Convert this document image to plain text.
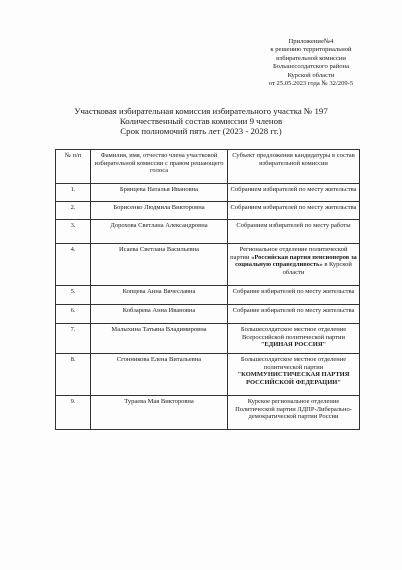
Приложение№4
к решению территориальной
избирательной комиссии
Большесолдатского района
Курской области
от 25.05.2023 года № 32/209-5
Участковая избирательная комиссия избирательного участка № 197
Количественный состав комиссии 9 членов
Срок полномочий пять лет (2023 - 2028 гг.)
№ п/п	Фамилия, имя, отчество члена участковой избирательной комиссии с правом решающего голоса	Субъект предложения кандидатуры в состав избирательной комиссии
1.	Брянцева Наталья Ивановна	Собранием избирателей по месту жительства
2.	Борисенко Людмила Викторовна	Собранием избирателей по месту жительства
3.	Дорохова Светлана Александровна	Собранием избирателей по месту работы
4.	Исаева Светлана Васильевна	Региональное отделение политической партии «Российская партия пенсионеров за социальную справедливость» в Курской области
5.	Копцева Анна Вячеславна	Собрание избирателей по месту жительства
6.	Кобзарева Анна Ивановна	Собрание избирателей по месту жительства
7.	Малыхина Татьяна Владимировна	Большесолдатское местное отделение Всероссийской политической партии "ЕДИНАЯ РОССИЯ"
8.	Сгонникова Елена Витальевна	Большесолдатское местное отделение политической партии "КОММУНИСТИЧЕСКАЯ ПАРТИЯ РОССИЙСКОЙ ФЕДЕРАЦИИ"
9.	Тураева Мая Викторовна	Курское региональное отделение Политической партии ЛДПР-Либерально-демократической партии России
